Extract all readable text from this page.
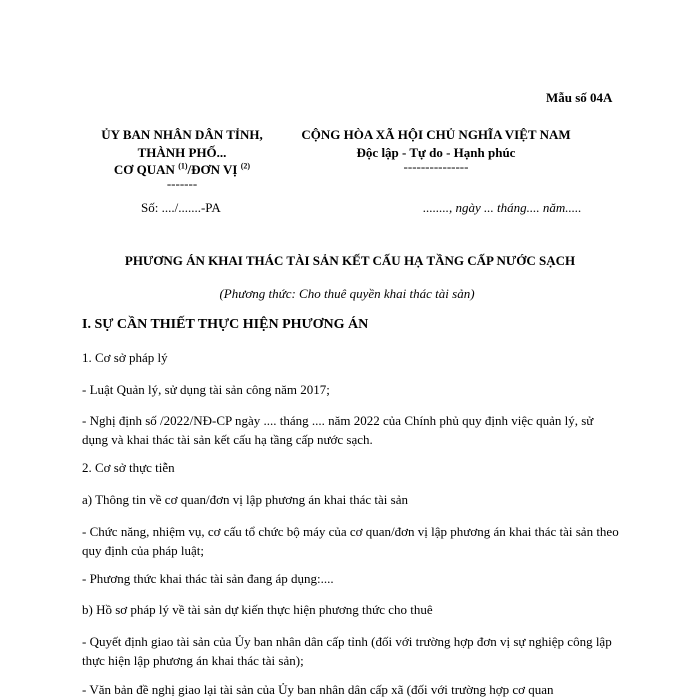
Mẫu số 04A
ỦY BAN NHÂN DÂN TỈNH,
THÀNH PHỐ...
CƠ QUAN $^{(1)}$/ĐƠN VỊ $^{(2)}$
-------
Số: ..../.......-PA
CỘNG HÒA XÃ HỘI CHỦ NGHĨA VIỆT NAM
Độc lập - Tự do - Hạnh phúc
---------------
........, ngày ... tháng.... năm.....
PHƯƠNG ÁN KHAI THÁC TÀI SẢN KẾT CẤU HẠ TẦNG CẤP NƯỚC SẠCH
(Phương thức: Cho thuê quyền khai thác tài sản)
I. SỰ CẦN THIẾT THỰC HIỆN PHƯƠNG ÁN
1. Cơ sở pháp lý
- Luật Quản lý, sử dụng tài sản công năm 2017;
- Nghị định số /2022/NĐ-CP ngày .... tháng .... năm 2022 của Chính phủ quy định việc quản lý, sử dụng và khai thác tài sản kết cấu hạ tầng cấp nước sạch.
2. Cơ sở thực tiễn
a) Thông tin về cơ quan/đơn vị lập phương án khai thác tài sản
- Chức năng, nhiệm vụ, cơ cấu tổ chức bộ máy của cơ quan/đơn vị lập phương án khai thác tài sản theo quy định của pháp luật;
- Phương thức khai thác tài sản đang áp dụng:....
b) Hồ sơ pháp lý về tài sản dự kiến thực hiện phương thức cho thuê
- Quyết định giao tài sản của Ủy ban nhân dân cấp tỉnh (đối với trường hợp đơn vị sự nghiệp công lập thực hiện lập phương án khai thác tài sản);
- Văn bản đề nghị giao lại tài sản của Ủy ban nhân dân cấp xã (đối với trường hợp cơ quan
